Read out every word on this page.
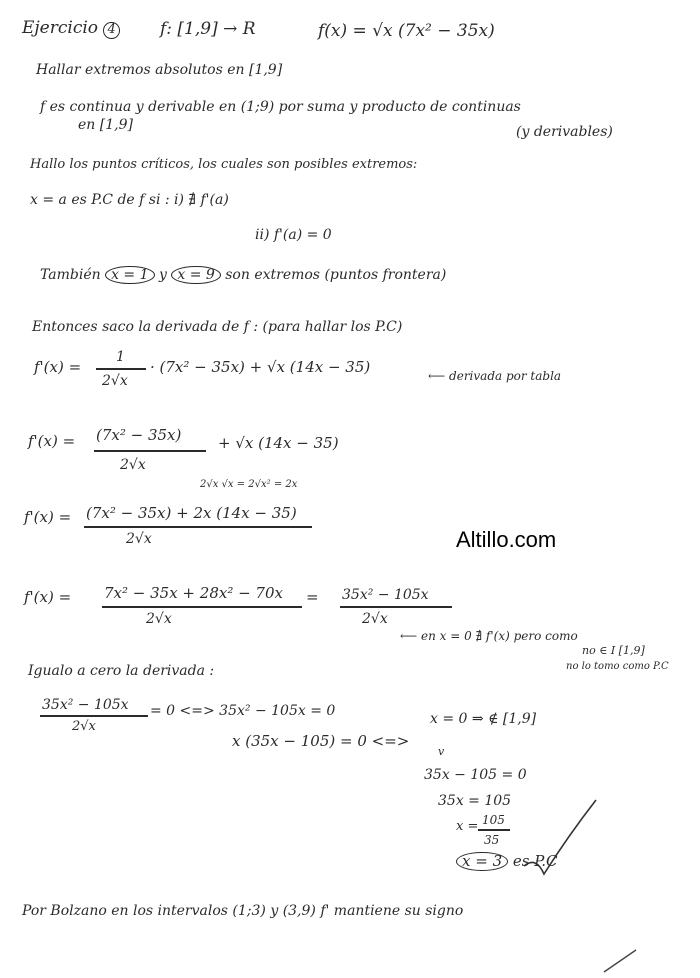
Ejercicio 4	f: [1,9] → R	f(x) = √x (7x² − 35x)
Hallar extremos absolutos en [1,9]
f es continua y derivable en (1;9) por suma y producto de continuas
en [1,9]	(y derivables)
Hallo los puntos críticos, los cuales son posibles extremos:
x = a es P.C de f si : i) ∄ f'(a)
ii) f'(a) = 0
También x = 1 y x = 9 son extremos (puntos frontera)
Entonces saco la derivada de f : (para hallar los P.C)
f'(x) =
1
2√x
· (7x² − 35x) + √x (14x − 35)	⟵ derivada por tabla
f'(x) = (7x² − 35x)
2√x
+ √x (14x − 35)
2√x √x = 2√x² = 2x
f'(x) = (7x² − 35x) + 2x (14x − 35)
2√x	Altillo.com
f'(x) = 7x² − 35x + 28x² − 70x
2√x
= 35x² − 105x
2√x
⟵ en x = 0 ∄ f'(x) pero como
no ∈ I [1,9]
no lo tomo como P.C
Igualo a cero la derivada :
35x² − 105x
2√x
= 0 <=> 35x² − 105x = 0
x (35x − 105) = 0 <=>
x = 0 ⇒ ∉ [1,9]
v
35x − 105 = 0
35x = 105
x = 105
35
x = 3 es P.C
Por Bolzano en los intervalos (1;3) y (3,9) f' mantiene su signo
